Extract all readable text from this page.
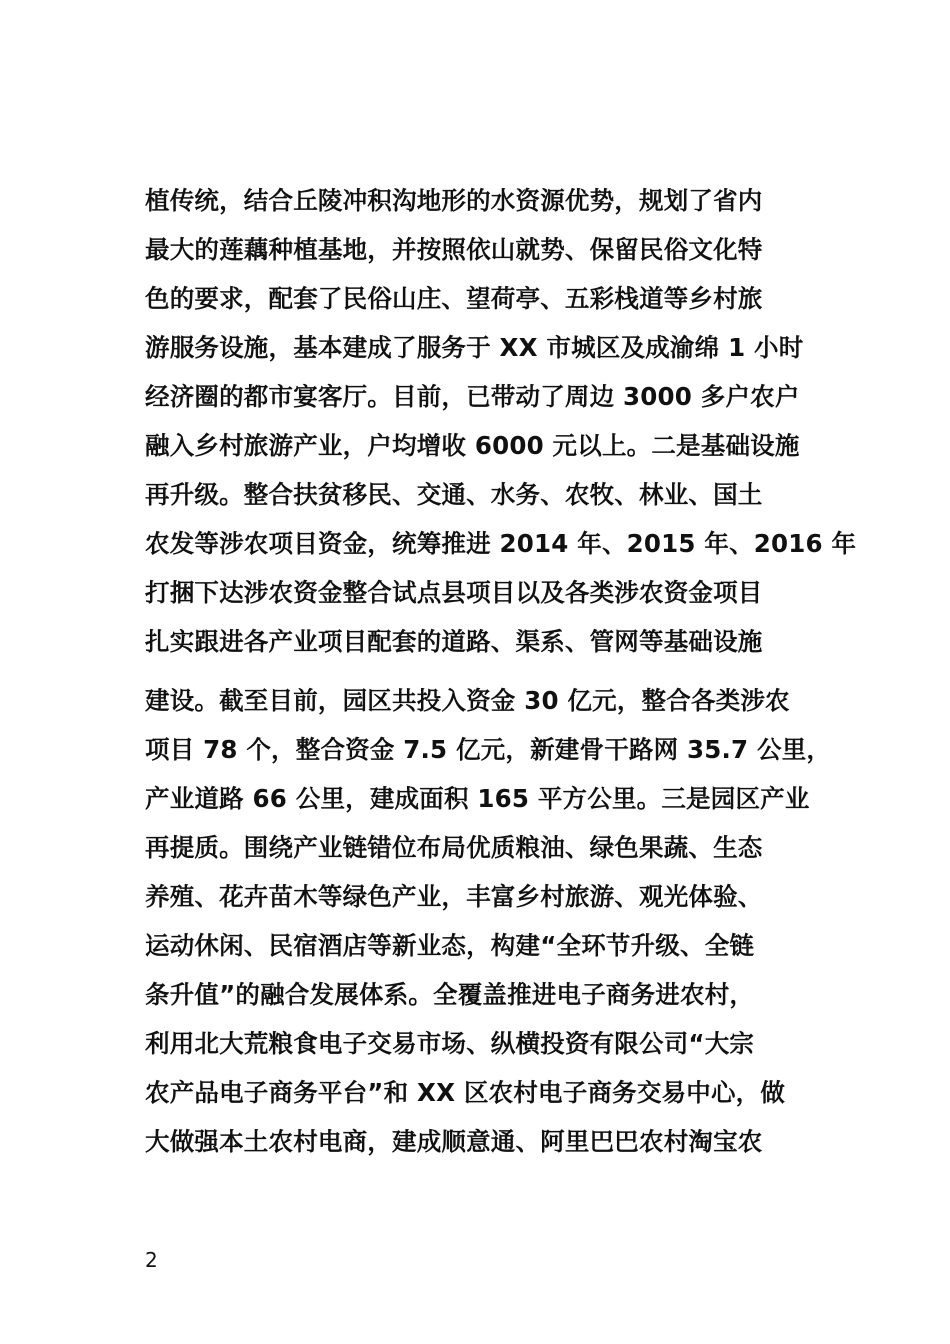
植传统，结合丘陵冲积沟地形的水资源优势，规划了省内
最大的莲藕种植基地，并按照依山就势、保留民俗文化特
色的要求，配套了民俗山庄、望荷亭、五彩栈道等乡村旅
游服务设施，基本建成了服务于 XX 市城区及成渝绵 1 小时
经济圈的都市宴客厅。目前，已带动了周边 3000 多户农户
融入乡村旅游产业，户均增收 6000 元以上。二是基础设施
再升级。整合扶贫移民、交通、水务、农牧、林业、国土
农发等涉农项目资金，统筹推进 2014 年、2015 年、2016 年
打捆下达涉农资金整合试点县项目以及各类涉农资金项目
扎实跟进各产业项目配套的道路、渠系、管网等基础设施
建设。截至目前，园区共投入资金 30 亿元，整合各类涉农
项目 78 个，整合资金 7.5 亿元，新建骨干路网 35.7 公里，
产业道路 66 公里，建成面积 165 平方公里。三是园区产业
再提质。围绕产业链错位布局优质粮油、绿色果蔬、生态
养殖、花卉苗木等绿色产业，丰富乡村旅游、观光体验、
运动休闲、民宿酒店等新业态，构建“全环节升级、全链
条升值”的融合发展体系。全覆盖推进电子商务进农村，
利用北大荒粮食电子交易市场、纵横投资有限公司“大宗
农产品电子商务平台”和 XX 区农村电子商务交易中心，做
大做强本土农村电商，建成顺意通、阿里巴巴农村淘宝农
2
